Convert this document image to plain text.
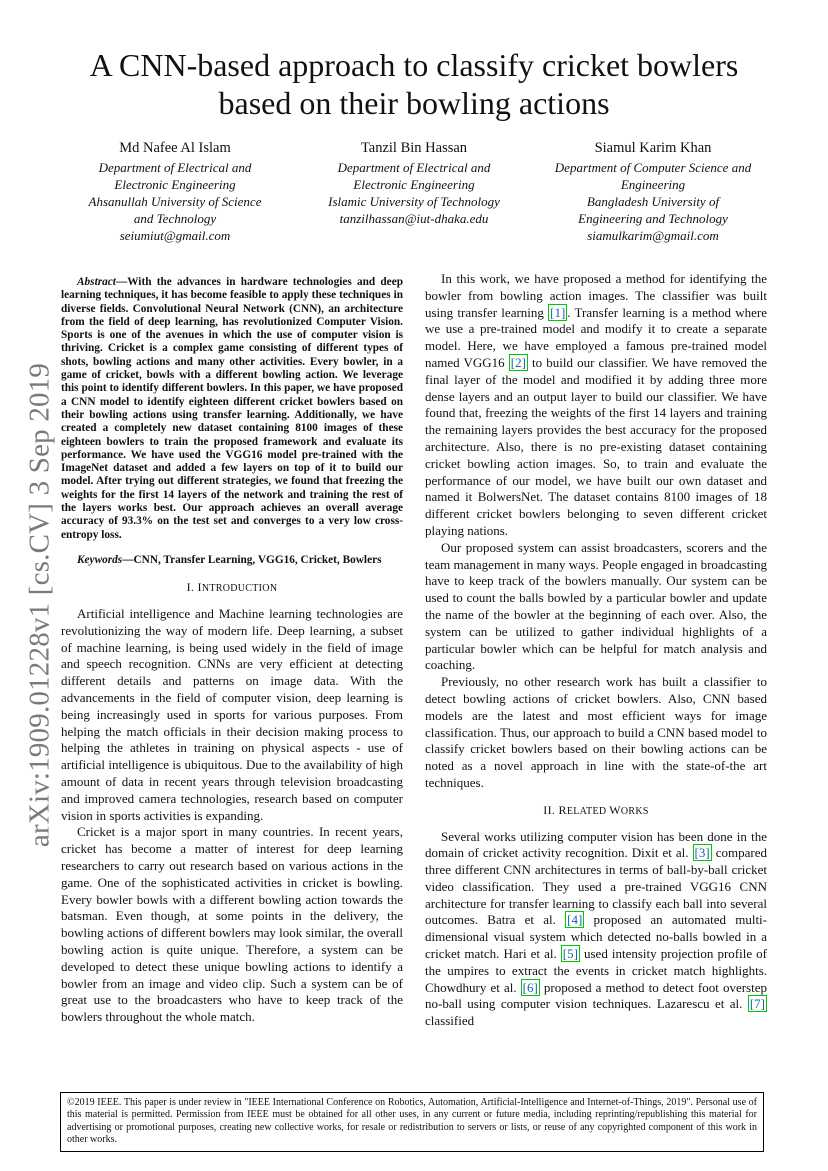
arXiv:1909.01228v1 [cs.CV] 3 Sep 2019
A CNN-based approach to classify cricket bowlers
based on their bowling actions
Md Nafee Al Islam
Department of Electrical and
Electronic Engineering
Ahsanullah University of Science
and Technology
seiumiut@gmail.com
Tanzil Bin Hassan
Department of Electrical and
Electronic Engineering
Islamic University of Technology
tanzilhassan@iut-dhaka.edu
Siamul Karim Khan
Department of Computer Science and
Engineering
Bangladesh University of
Engineering and Technology
siamulkarim@gmail.com
Abstract—With the advances in hardware technologies and deep learning techniques, it has become feasible to apply these techniques in diverse fields. Convolutional Neural Network (CNN), an architecture from the field of deep learning, has revolutionized Computer Vision. Sports is one of the avenues in which the use of computer vision is thriving. Cricket is a complex game consisting of different types of shots, bowling actions and many other activities. Every bowler, in a game of cricket, bowls with a different bowling action. We leverage this point to identify different bowlers. In this paper, we have proposed a CNN model to identify eighteen different cricket bowlers based on their bowling actions using transfer learning. Additionally, we have created a completely new dataset containing 8100 images of these eighteen bowlers to train the proposed framework and evaluate its performance. We have used the VGG16 model pre-trained with the ImageNet dataset and added a few layers on top of it to build our model. After trying out different strategies, we found that freezing the weights for the first 14 layers of the network and training the rest of the layers works best. Our approach achieves an overall average accuracy of 93.3% on the test set and converges to a very low cross-entropy loss.
Keywords—CNN, Transfer Learning, VGG16, Cricket, Bowlers
I. INTRODUCTION

Artificial intelligence and Machine learning technologies are revolutionizing the way of modern life. Deep learning, a subset of machine learning, is being used widely in the field of image and speech recognition. CNNs are very efficient at detecting different details and patterns on image data. With the advancements in the field of computer vision, deep learning is being increasingly used in sports for various purposes. From helping the match officials in their decision making process to helping the athletes in training on physical aspects - use of artificial intelligence is ubiquitous. Due to the availability of high amount of data in recent years through television broadcasting and improved camera technologies, research based on computer vision in sports activities is expanding.

Cricket is a major sport in many countries. In recent years, cricket has become a matter of interest for deep learning researchers to carry out research based on various actions in the game. One of the sophisticated activities in cricket is bowling. Every bowler bowls with a different bowling action towards the batsman. Even though, at some points in the delivery, the bowling actions of different bowlers may look similar, the overall bowling action is quite unique. Therefore, a system can be developed to detect these unique bowling actions to identify a bowler from an image and video clip. Such a system can be of great use to the broadcasters who have to keep track of the bowlers throughout the whole match.

In this work, we have proposed a method for identifying the bowler from bowling action images. The classifier was built using transfer learning [1] . Transfer learning is a method where we use a pre-trained model and modify it to create a separate model. Here, we have employed a famous pre-trained model named VGG16 [2] to build our classifier. We have removed the final layer of the model and modified it by adding three more dense layers and an output layer to build our classifier. We have found that, freezing the weights of the first 14 layers and training the remaining layers provides the best accuracy for the proposed architecture. Also, there is no pre-existing dataset containing cricket bowling action images. So, to train and evaluate the performance of our model, we have built our own dataset and named it BolwersNet. The dataset contains 8100 images of 18 different cricket bowlers belonging to seven different cricket playing nations.

Our proposed system can assist broadcasters, scorers and the team management in many ways. People engaged in broadcasting have to keep track of the bowlers manually. Our system can be used to count the balls bowled by a particular bowler and update the name of the bowler at the beginning of each over. Also, the system can be utilized to gather individual highlights of a particular bowler which can be helpful for match analysis and coaching.

Previously, no other research work has built a classifier to detect bowling actions of cricket bowlers. Also, CNN based models are the latest and most efficient ways for image classification. Thus, our approach to build a CNN based model to classify cricket bowlers based on their bowling actions can be noted as a novel approach in line with the state-of-the art techniques.

II. RELATED WORKS

Several works utilizing computer vision has been done in the domain of cricket activity recognition. Dixit et al. [3] compared three different CNN architectures in terms of ball-by-ball cricket video classification. They used a pre-trained VGG16 CNN architecture for transfer learning to classify each ball into several outcomes. Batra et al. [4] proposed an automated multi-dimensional visual system which detected no-balls bowled in a cricket match. Hari et al. [5] used intensity projection profile of the umpires to extract the events in cricket match highlights. Chowdhury et al. [6] proposed a method to detect foot overstep no-ball using computer vision techniques. Lazarescu et al. [7] classified

©2019 IEEE. This paper is under review in "IEEE International Conference on Robotics, Automation, Artificial-Intelligence and Internet-of-Things, 2019". Personal use of this material is permitted. Permission from IEEE must be obtained for all other uses, in any current or future media, including reprinting/republishing this material for advertising or promotional purposes, creating new collective works, for resale or redistribution to servers or lists, or reuse of any copyrighted component of this work in other works.
